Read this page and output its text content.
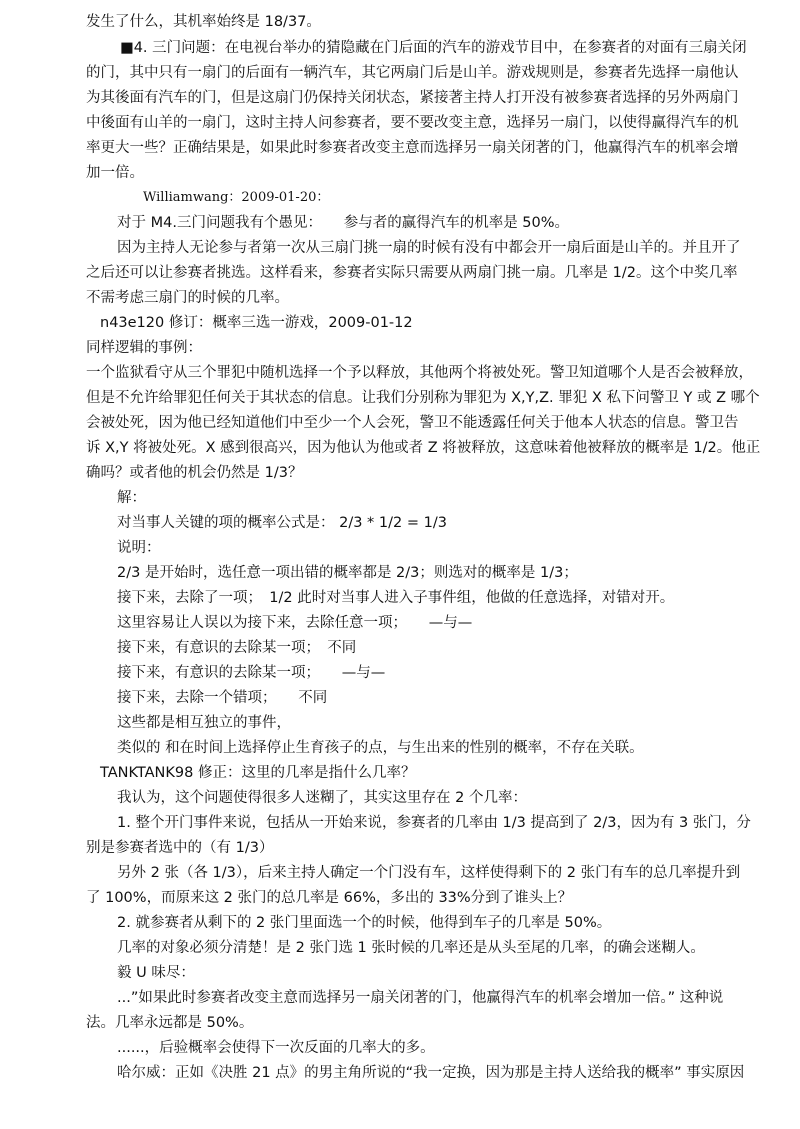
发生了什么，其机率始终是 18/37。
■4. 三门问题：在电视台举办的猜隐藏在门后面的汽车的游戏节目中，在参赛者的对面有三扇关闭
的门，其中只有一扇门的后面有一辆汽车，其它两扇门后是山羊。游戏规则是，参赛者先选择一扇他认
为其後面有汽车的门，但是这扇门仍保持关闭状态，紧接著主持人打开没有被参赛者选择的另外两扇门
中後面有山羊的一扇门，这时主持人问参赛者，要不要改变主意，选择另一扇门，以使得赢得汽车的机
率更大一些？正确结果是，如果此时参赛者改变主意而选择另一扇关闭著的门，他赢得汽车的机率会增
加一倍。
Williamwang：2009-01-20：
对于 M4.三门问题我有个愚见：　　参与者的赢得汽车的机率是 50%。
因为主持人无论参与者第一次从三扇门挑一扇的时候有没有中都会开一扇后面是山羊的。并且开了
之后还可以让参赛者挑选。这样看来，参赛者实际只需要从两扇门挑一扇。几率是 1/2。这个中奖几率
不需考虑三扇门的时候的几率。
n43e120 修订：概率三选一游戏，2009-01-12
同样逻辑的事例：
一个监狱看守从三个罪犯中随机选择一个予以释放，其他两个将被处死。警卫知道哪个人是否会被释放，
但是不允许给罪犯任何关于其状态的信息。让我们分别称为罪犯为 X,Y,Z. 罪犯 X 私下问警卫 Y 或 Z 哪个
会被处死，因为他已经知道他们中至少一个人会死，警卫不能透露任何关于他本人状态的信息。警卫告
诉 X,Y 将被处死。X 感到很高兴，因为他认为他或者 Z 将被释放，这意味着他被释放的概率是 1/2。他正
确吗？或者他的机会仍然是 1/3？
解：
对当事人关键的项的概率公式是： 2/3 * 1/2 = 1/3
说明：
2/3 是开始时，选任意一项出错的概率都是 2/3；则选对的概率是 1/3；
接下来，去除了一项；　1/2 此时对当事人进入子事件组，他做的任意选择，对错对开。
这里容易让人误以为接下来，去除任意一项；　　—与—
接下来，有意识的去除某一项；　不同
接下来，有意识的去除某一项；　　—与—
接下来，去除一个错项；　　不同
这些都是相互独立的事件，
类似的 和在时间上选择停止生育孩子的点，与生出来的性别的概率，不存在关联。
TANKTANK98 修正：这里的几率是指什么几率？
我认为，这个问题使得很多人迷糊了，其实这里存在 2 个几率：
1. 整个开门事件来说，包括从一开始来说，参赛者的几率由 1/3 提高到了 2/3，因为有 3 张门，分
别是参赛者选中的（有 1/3）
另外 2 张（各 1/3），后来主持人确定一个门没有车，这样使得剩下的 2 张门有车的总几率提升到
了 100%，而原来这 2 张门的总几率是 66%，多出的 33%分到了谁头上？
2. 就参赛者从剩下的 2 张门里面选一个的时候，他得到车子的几率是 50%。
几率的对象必须分清楚！是 2 张门选 1 张时候的几率还是从头至尾的几率，的确会迷糊人。
毅 U 味尽：
...”如果此时参赛者改变主意而选择另一扇关闭著的门，他赢得汽车的机率会增加一倍。” 这种说
法。几率永远都是 50%。
......，后验概率会使得下一次反面的几率大的多。
哈尔威：正如《决胜 21 点》的男主角所说的“我一定换，因为那是主持人送给我的概率” 事实原因
